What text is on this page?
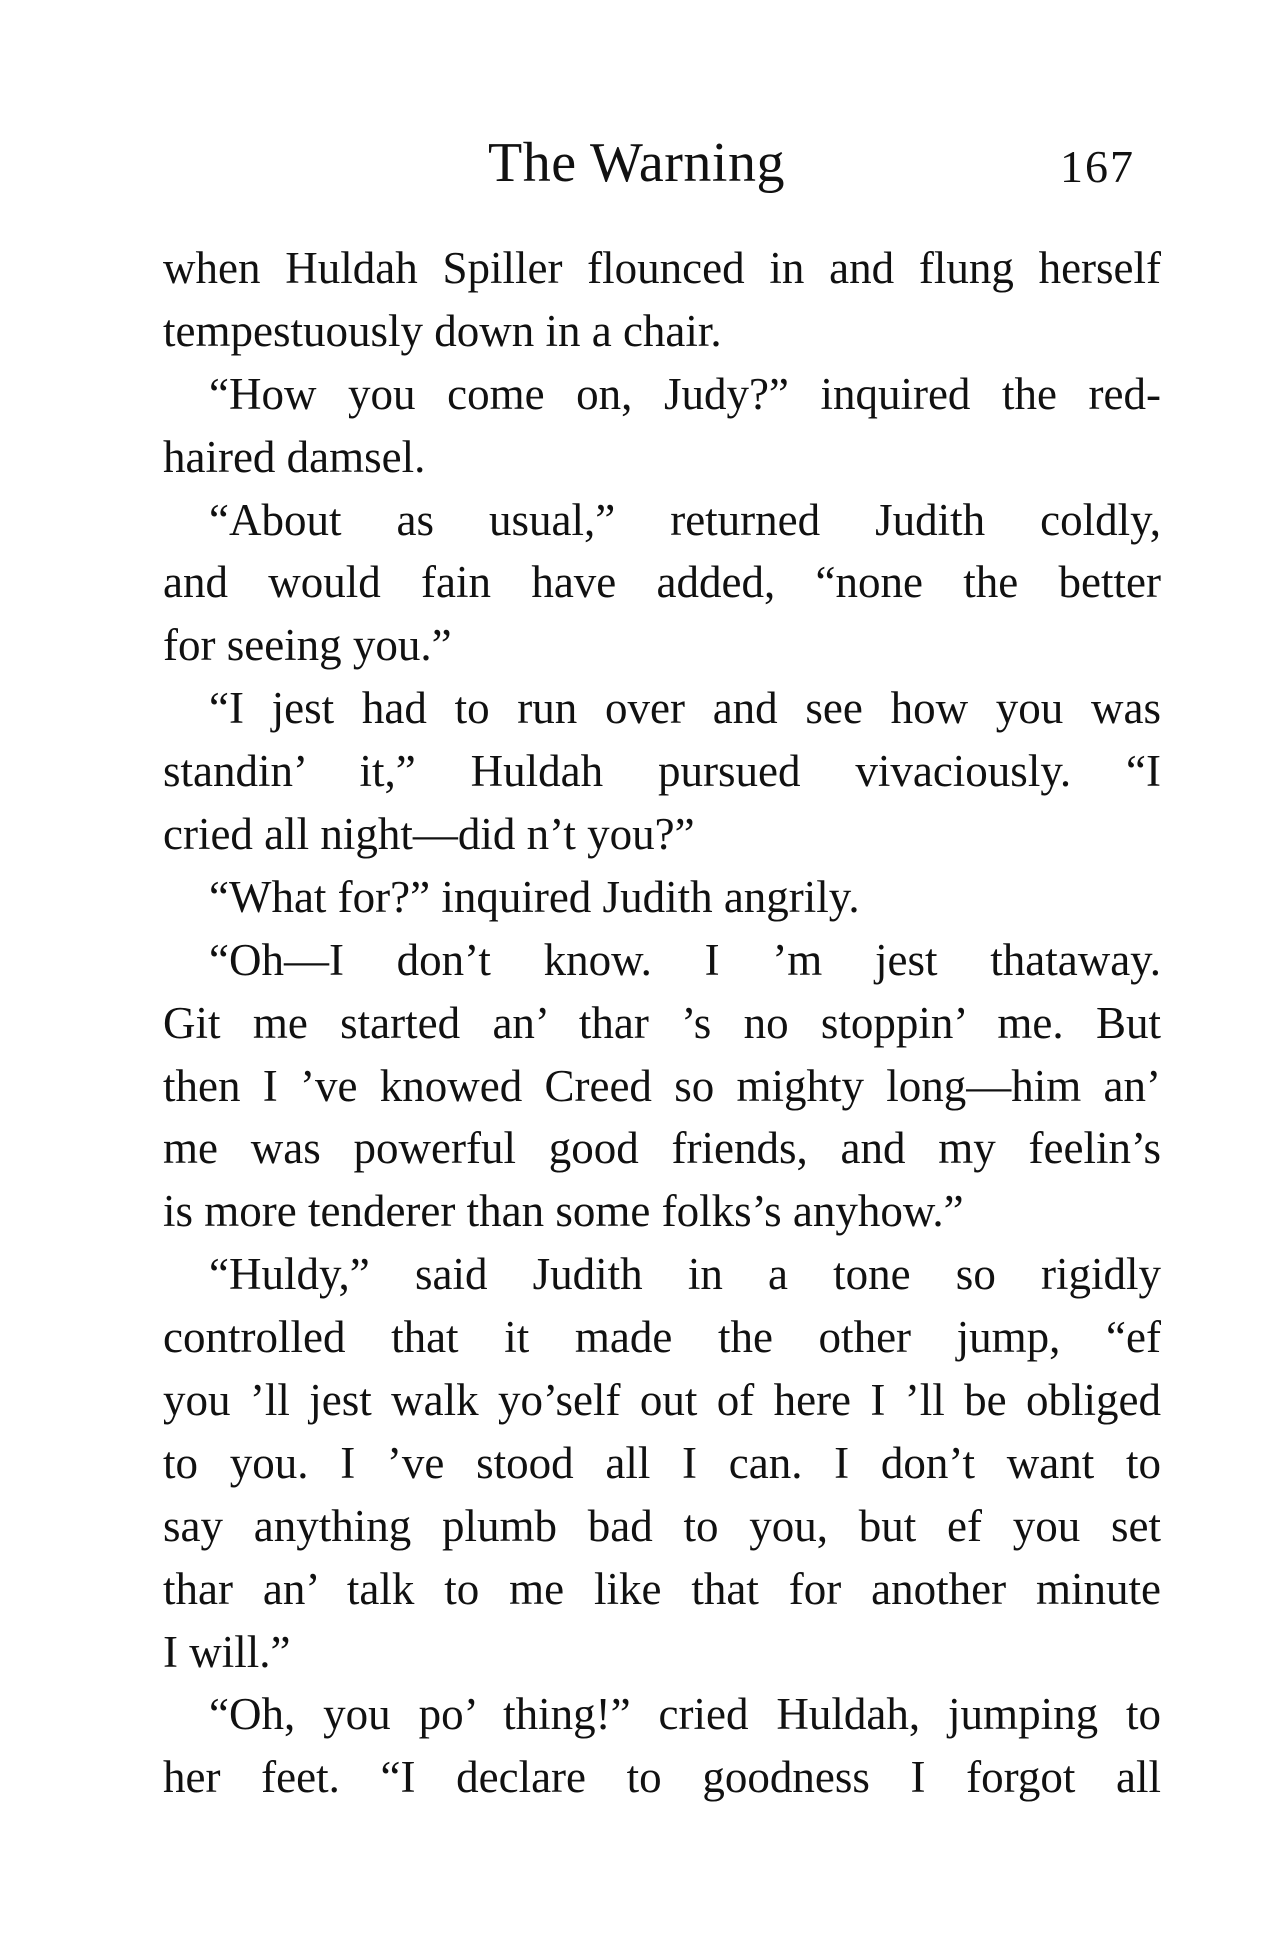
The Warning	167
when Huldah Spiller flounced in and flung herself
tempestuously down in a chair.
“How you come on, Judy?” inquired the red-
haired damsel.
“About as usual,” returned Judith coldly,
and would fain have added, “none the better
for seeing you.”
“I jest had to run over and see how you was
standin’ it,” Huldah pursued vivaciously. “I
cried all night—did n’t you?”
“What for?” inquired Judith angrily.
“Oh—I don’t know. I ’m jest thataway.
Git me started an’ thar ’s no stoppin’ me. But
then I ’ve knowed Creed so mighty long—him an’
me was powerful good friends, and my feelin’s
is more tenderer than some folks’s anyhow.”
“Huldy,” said Judith in a tone so rigidly
controlled that it made the other jump, “ef
you ’ll jest walk yo’self out of here I ’ll be obliged
to you. I ’ve stood all I can. I don’t want to
say anything plumb bad to you, but ef you set
thar an’ talk to me like that for another minute
I will.”
“Oh, you po’ thing!” cried Huldah, jumping to
her feet. “I declare to goodness I forgot all
